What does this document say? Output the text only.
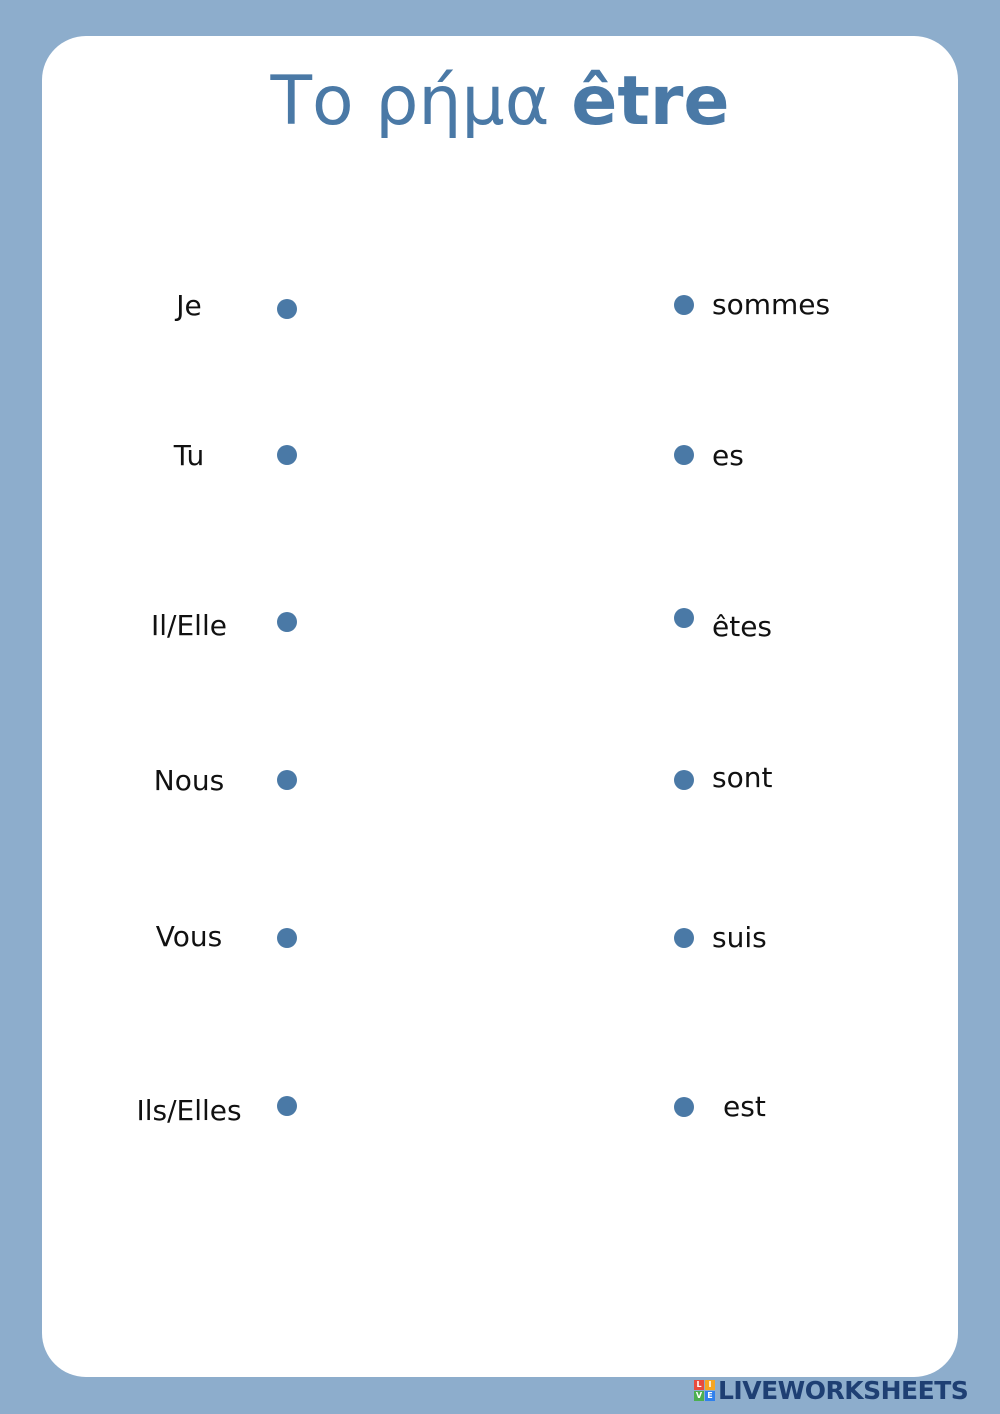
Το ρήμα être
Je
Tu
Il/Elle
Nous
Vous
Ils/Elles
sommes
es
êtes
sont
suis
est
L I
V E LIVEWORKSHEETS
